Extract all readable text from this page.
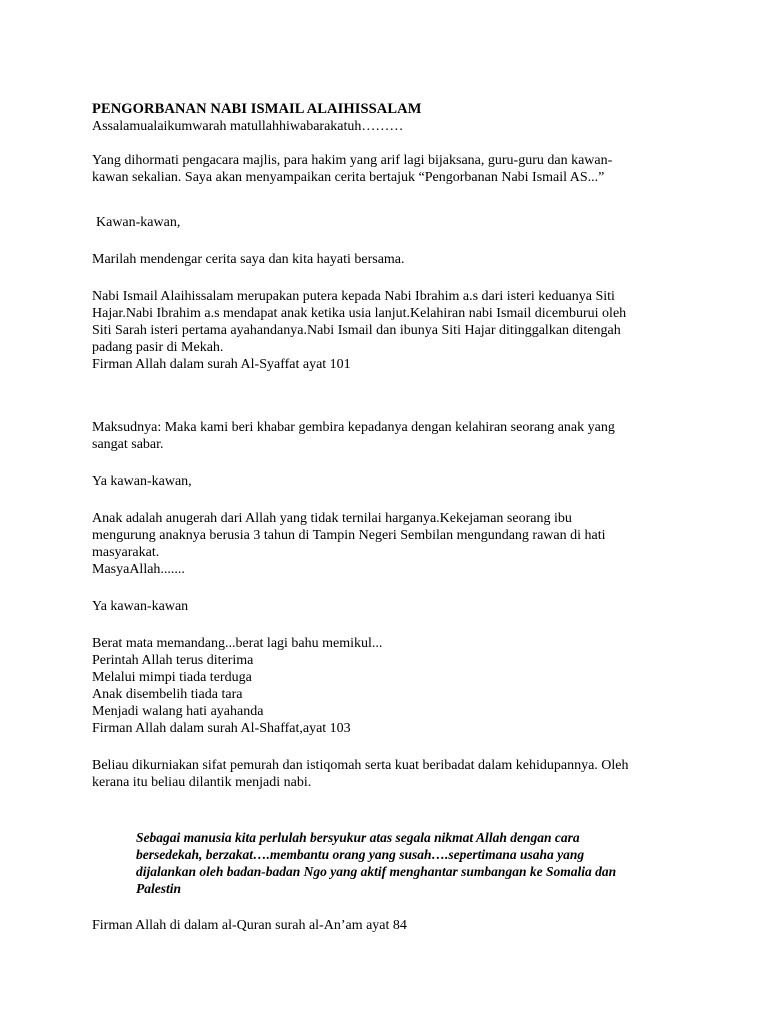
PENGORBANAN NABI ISMAIL ALAIHISSALAM
Assalamualaikumwarah matullahhiwabarakatuh………
Yang dihormati pengacara majlis, para hakim yang arif lagi bijaksana, guru-guru dan kawan-
kawan sekalian. Saya akan menyampaikan cerita bertajuk “Pengorbanan Nabi Ismail AS...”
Kawan-kawan,
Marilah mendengar cerita saya dan kita hayati bersama.
Nabi Ismail Alaihissalam merupakan putera kepada Nabi Ibrahim a.s dari isteri keduanya Siti
Hajar.Nabi Ibrahim a.s mendapat anak ketika usia lanjut.Kelahiran nabi Ismail dicemburui oleh
Siti Sarah isteri pertama ayahandanya.Nabi Ismail dan ibunya Siti Hajar ditinggalkan ditengah
padang pasir di Mekah.
Firman Allah dalam surah Al-Syaffat ayat 101
Maksudnya: Maka kami beri khabar gembira kepadanya dengan kelahiran seorang anak yang
sangat sabar.
Ya kawan-kawan,
Anak adalah anugerah dari Allah yang tidak ternilai harganya.Kekejaman seorang ibu
mengurung anaknya berusia 3 tahun di Tampin Negeri Sembilan mengundang rawan di hati
masyarakat.
MasyaAllah.......
Ya kawan-kawan
Berat mata memandang...berat lagi bahu memikul...
Perintah Allah terus diterima
Melalui mimpi tiada terduga
Anak disembelih tiada tara
Menjadi walang hati ayahanda
Firman Allah dalam surah Al-Shaffat,ayat 103
Beliau dikurniakan sifat pemurah dan istiqomah serta kuat beribadat dalam kehidupannya. Oleh
kerana itu beliau dilantik menjadi nabi.
Sebagai manusia kita perlulah bersyukur atas segala nikmat Allah dengan cara
bersedekah, berzakat….membantu orang yang susah….sepertimana usaha yang
dijalankan oleh badan-badan Ngo yang aktif menghantar sumbangan ke Somalia dan
Palestin
Firman Allah di dalam al-Quran surah al-An’am ayat 84
